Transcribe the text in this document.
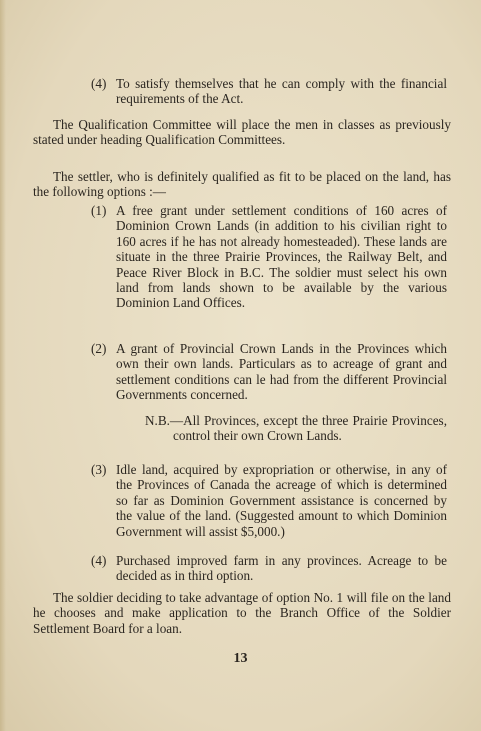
(4) To satisfy themselves that he can comply with the financial requirements of the Act.

The Qualification Committee will place the men in classes as previously stated under heading Qualification Committees.

The settler, who is definitely qualified as fit to be placed on the land, has the following options :—

(1) A free grant under settlement conditions of 160 acres of Dominion Crown Lands (in addition to his civilian right to 160 acres if he has not already homesteaded). These lands are situate in the three Prairie Provinces, the Railway Belt, and Peace River Block in B.C. The soldier must select his own land from lands shown to be available by the various Dominion Land Offices.
(2) A grant of Provincial Crown Lands in the Provinces which own their own lands. Particulars as to acreage of grant and settlement conditions can le had from the different Provincial Governments concerned.
N.B.—All Provinces, except the three Prairie Provinces, control their own Crown Lands.
(3) Idle land, acquired by expropriation or otherwise, in any of the Provinces of Canada the acreage of which is determined so far as Dominion Government assistance is concerned by the value of the land. (Suggested amount to which Dominion Government will assist $5,000.)
(4) Purchased improved farm in any provinces. Acreage to be decided as in third option.

The soldier deciding to take advantage of option No. 1 will file on the land he chooses and make application to the Branch Office of the Soldier Settlement Board for a loan.

13
